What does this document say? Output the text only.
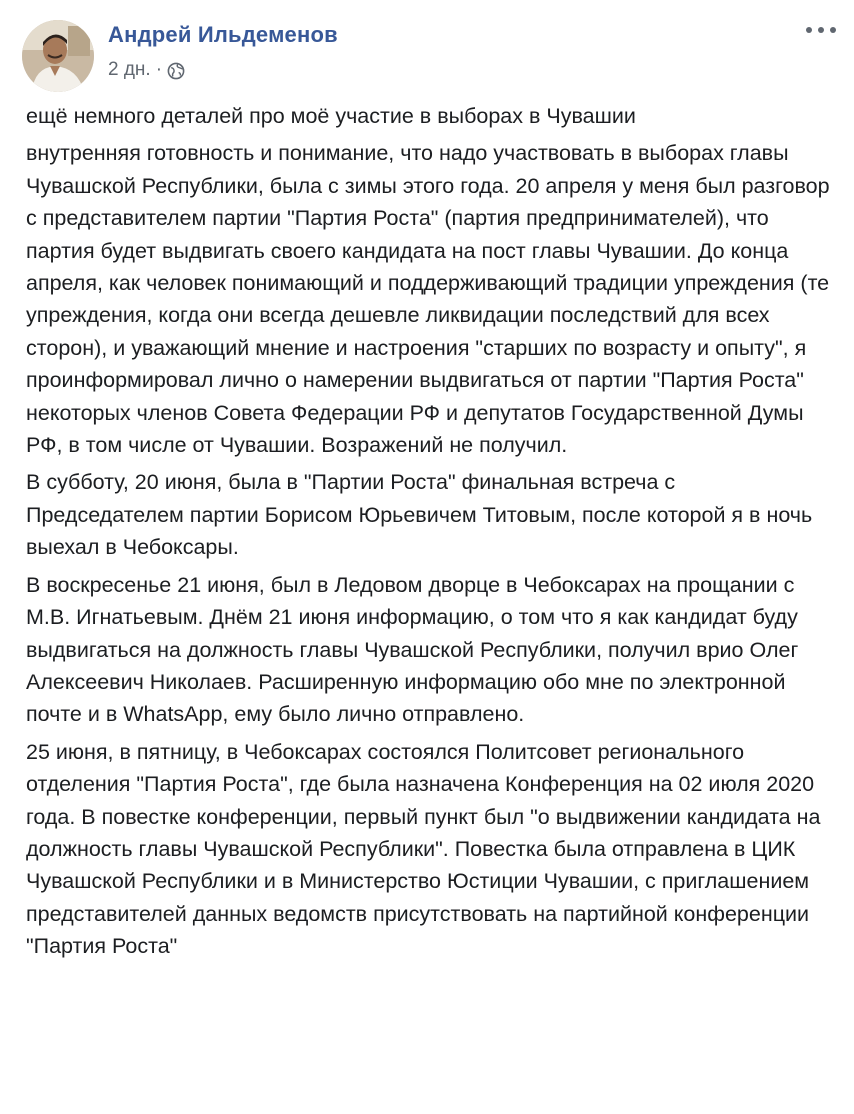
Андрей Ильдеменов
2 дн. ·

ещё немного деталей про моё участие в выборах в Чувашии

внутренняя готовность и понимание, что надо участвовать в выборах главы Чувашской Республики, была с зимы этого года. 20 апреля у меня был разговор с представителем партии "Партия Роста" (партия предпринимателей), что партия будет выдвигать своего кандидата на пост главы Чувашии. До конца апреля, как человек понимающий и поддерживающий традиции упреждения (те упреждения, когда они всегда дешевле ликвидации последствий для всех сторон), и уважающий мнение и настроения "старших по возрасту и опыту", я проинформировал лично о намерении выдвигаться от партии "Партия Роста" некоторых членов Совета Федерации РФ и депутатов Государственной Думы РФ, в том числе от Чувашии. Возражений не получил.

В субботу, 20 июня, была в "Партии Роста" финальная встреча с Председателем партии Борисом Юрьевичем Титовым, после которой я в ночь выехал в Чебоксары.

В воскресенье 21 июня, был в Ледовом дворце в Чебоксарах на прощании с М.В. Игнатьевым. Днём 21 июня информацию, о том что я как кандидат буду выдвигаться на должность главы Чувашской Республики, получил врио Олег Алексеевич Николаев. Расширенную информацию обо мне по электронной почте и в WhatsApp, ему было лично отправлено.

25 июня, в пятницу, в Чебоксарах состоялся Политсовет регионального отделения "Партия Роста", где была назначена Конференция на 02 июля 2020 года. В повестке конференции, первый пункт был "о выдвижении кандидата на должность главы Чувашской Республики". Повестка была отправлена в ЦИК Чувашской Республики и в Министерство Юстиции Чувашии, с приглашением представителей данных ведомств присутствовать на партийной конференции "Партия Роста"
